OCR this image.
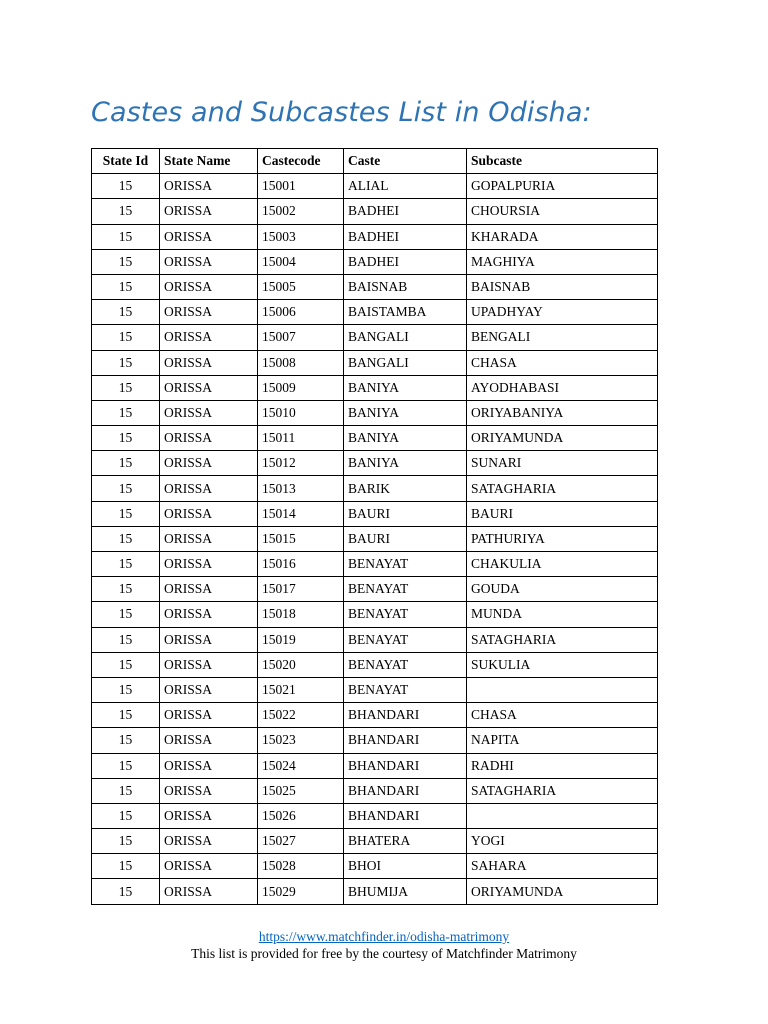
Castes and Subcastes List in Odisha:
State Id	State Name	Castecode	Caste	Subcaste
15	ORISSA	15001	ALIAL	GOPALPURIA
15	ORISSA	15002	BADHEI	CHOURSIA
15	ORISSA	15003	BADHEI	KHARADA
15	ORISSA	15004	BADHEI	MAGHIYA
15	ORISSA	15005	BAISNAB	BAISNAB
15	ORISSA	15006	BAISTAMBA	UPADHYAY
15	ORISSA	15007	BANGALI	BENGALI
15	ORISSA	15008	BANGALI	CHASA
15	ORISSA	15009	BANIYA	AYODHABASI
15	ORISSA	15010	BANIYA	ORIYABANIYA
15	ORISSA	15011	BANIYA	ORIYAMUNDA
15	ORISSA	15012	BANIYA	SUNARI
15	ORISSA	15013	BARIK	SATAGHARIA
15	ORISSA	15014	BAURI	BAURI
15	ORISSA	15015	BAURI	PATHURIYA
15	ORISSA	15016	BENAYAT	CHAKULIA
15	ORISSA	15017	BENAYAT	GOUDA
15	ORISSA	15018	BENAYAT	MUNDA
15	ORISSA	15019	BENAYAT	SATAGHARIA
15	ORISSA	15020	BENAYAT	SUKULIA
15	ORISSA	15021	BENAYAT	
15	ORISSA	15022	BHANDARI	CHASA
15	ORISSA	15023	BHANDARI	NAPITA
15	ORISSA	15024	BHANDARI	RADHI
15	ORISSA	15025	BHANDARI	SATAGHARIA
15	ORISSA	15026	BHANDARI	
15	ORISSA	15027	BHATERA	YOGI
15	ORISSA	15028	BHOI	SAHARA
15	ORISSA	15029	BHUMIJA	ORIYAMUNDA
https://www.matchfinder.in/odisha-matrimony
This list is provided for free by the courtesy of Matchfinder Matrimony
